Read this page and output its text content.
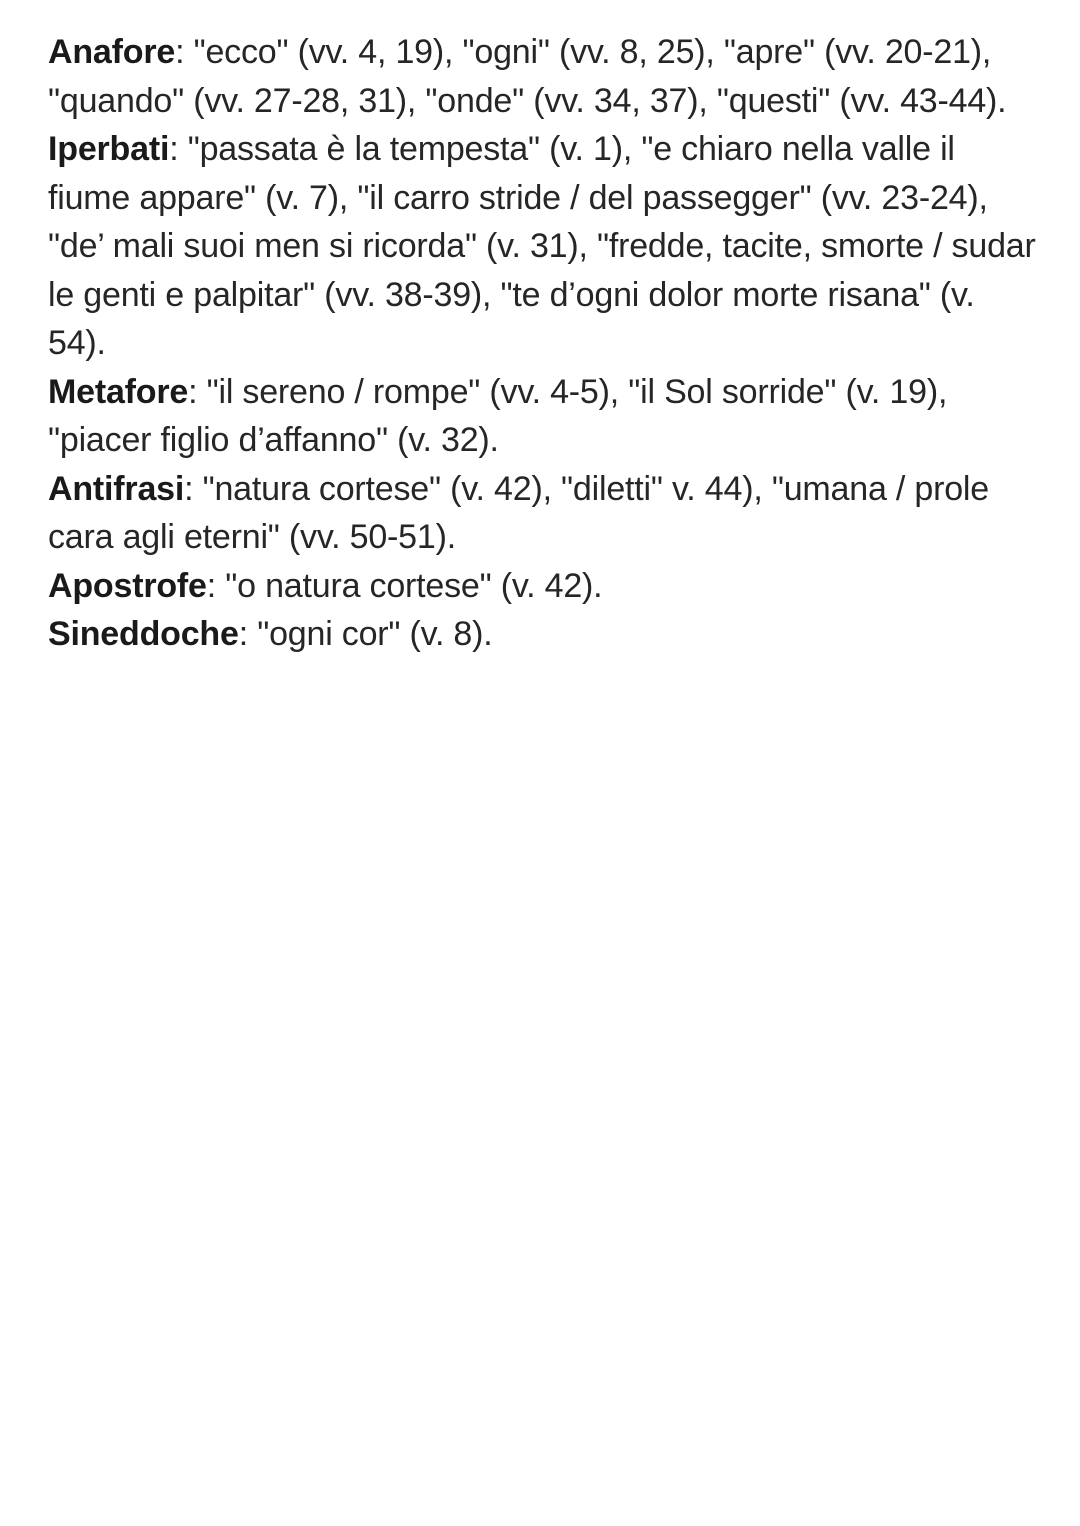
Anafore: "ecco" (vv. 4, 19), "ogni" (vv. 8, 25), "apre" (vv. 20-21), "quando" (vv. 27-28, 31), "onde" (vv. 34, 37), "questi" (vv. 43-44).

Iperbati: "passata è la tempesta" (v. 1), "e chiaro nella valle il fiume appare" (v. 7), "il carro stride / del passegger" (vv. 23-24), "de’ mali suoi men si ricorda" (v. 31), "fredde, tacite, smorte / sudar le genti e palpitar" (vv. 38-39), "te d’ogni dolor morte risana" (v. 54).

Metafore: "il sereno / rompe" (vv. 4-5), "il Sol sorride" (v. 19), "piacer figlio d’affanno" (v. 32).

Antifrasi: "natura cortese" (v. 42), "diletti" v. 44), "umana / prole cara agli eterni" (vv. 50-51).

Apostrofe: "o natura cortese" (v. 42).

Sineddoche: "ogni cor" (v. 8).
